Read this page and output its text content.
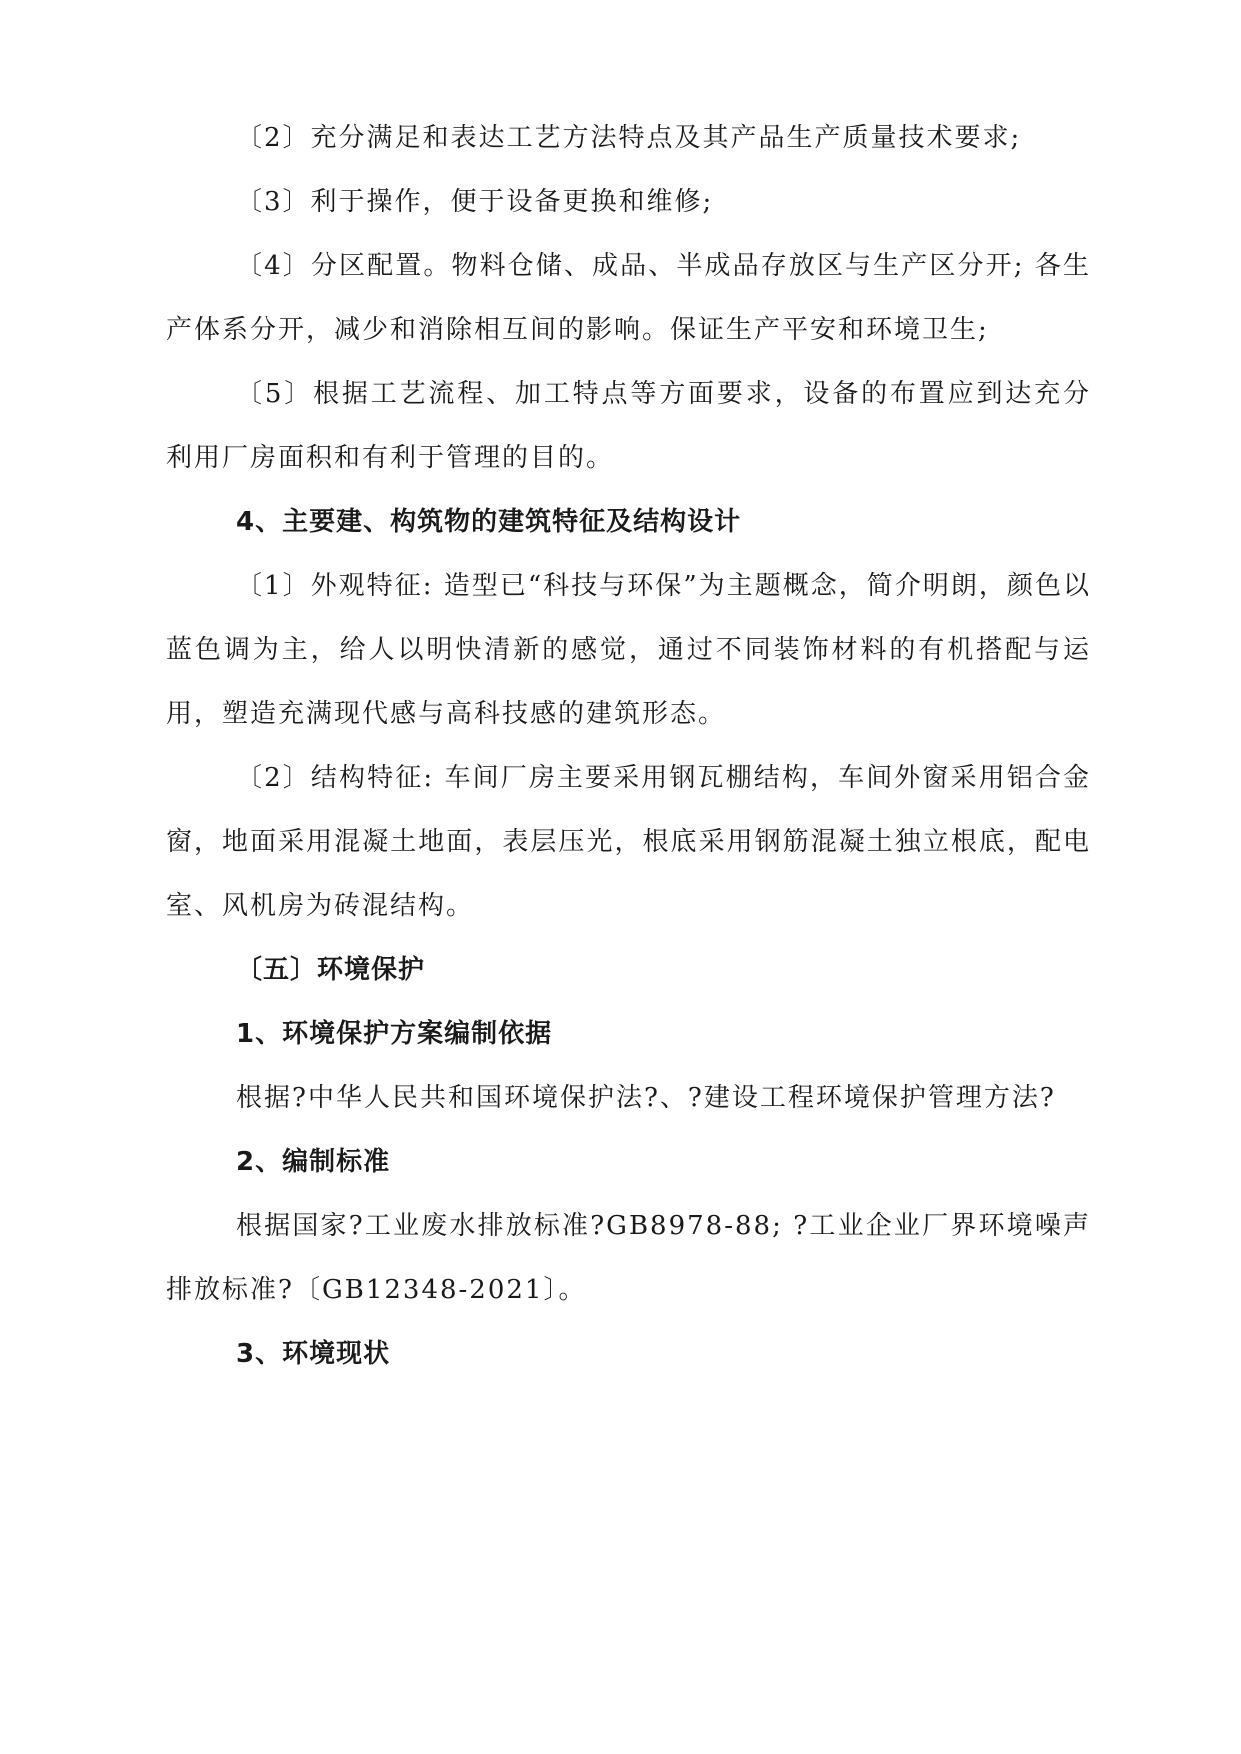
〔2〕充分满足和表达工艺方法特点及其产品生产质量技术要求;

〔3〕利于操作，便于设备更换和维修;

〔4〕分区配置。物料仓储、成品、半成品存放区与生产区分开; 各生产体系分开，减少和消除相互间的影响。保证生产平安和环境卫生;

〔5〕根据工艺流程、加工特点等方面要求，设备的布置应到达充分利用厂房面积和有利于管理的目的。

4、主要建、构筑物的建筑特征及结构设计

〔1〕外观特征: 造型已“科技与环保”为主题概念，简介明朗，颜色以蓝色调为主，给人以明快清新的感觉，通过不同装饰材料的有机搭配与运用，塑造充满现代感与高科技感的建筑形态。

〔2〕结构特征: 车间厂房主要采用钢瓦棚结构，车间外窗采用铝合金窗，地面采用混凝土地面，表层压光，根底采用钢筋混凝土独立根底，配电室、风机房为砖混结构。

〔五〕环境保护

1、环境保护方案编制依据

根据?中华人民共和国环境保护法?、?建设工程环境保护管理方法?

2、编制标准

根据国家?工业废水排放标准?GB8978-88; ?工业企业厂界环境噪声排放标准?〔GB12348-2021〕。

3、环境现状
